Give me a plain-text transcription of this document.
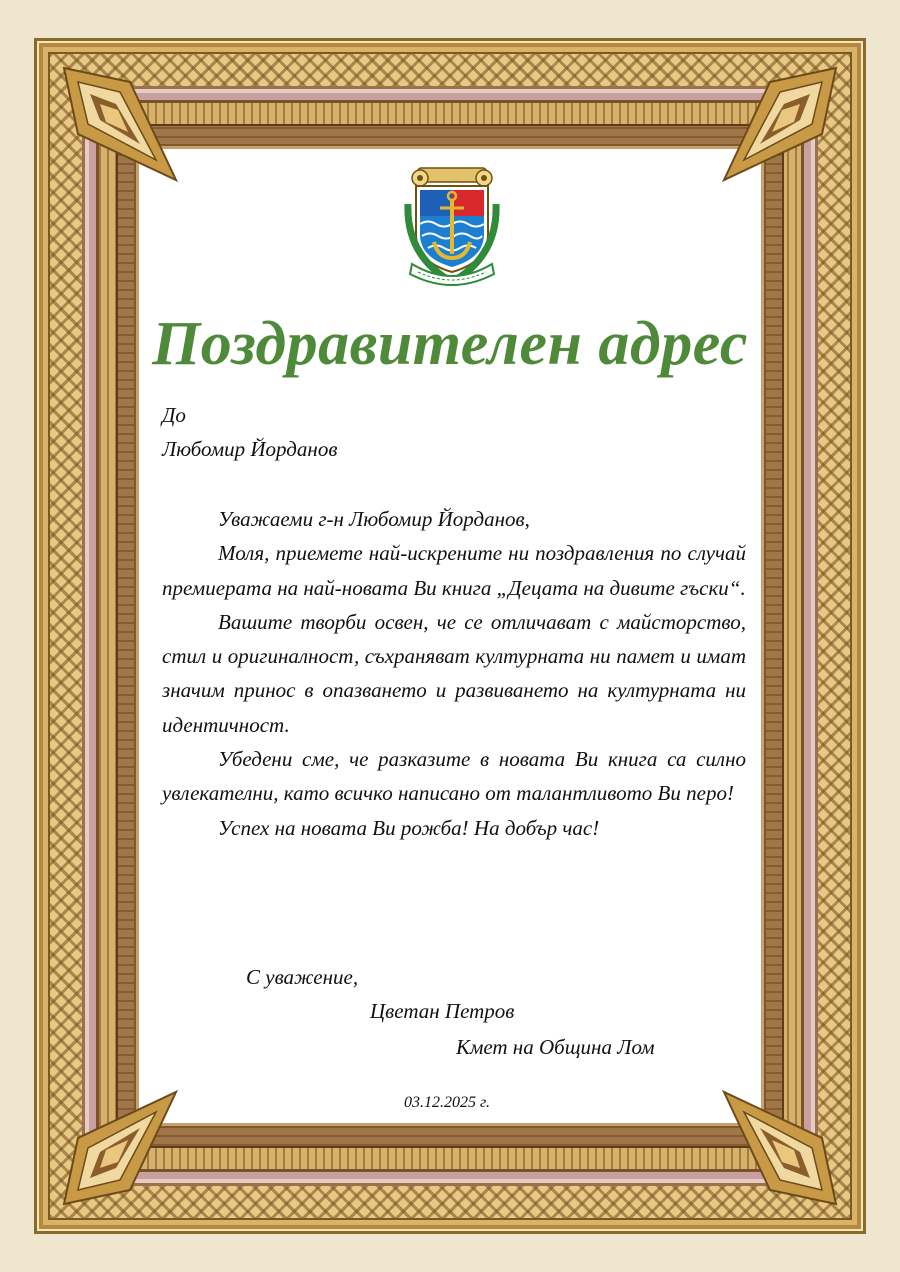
Поздравителен адрес
До
Любомир Йорданов

Уважаеми г-н Любомир Йорданов,

Моля, приемете най-искрените ни поздравления по случай премиерата на най-новата Ви книга „Децата на дивите гъски“.

Вашите творби освен, че се отличават с майсторство, стил и оригиналност, съхраняват културната ни памет и имат значим принос в опазването и развиването на културната ни идентичност.

Убедени сме, че разказите в новата Ви книга са силно увлекателни, като всичко написано от талантливото Ви перо!

Успех на новата Ви рожба! На добър час!

С уважение,
Цветан Петров
Кмет на Община Лом
03.12.2025 г.
